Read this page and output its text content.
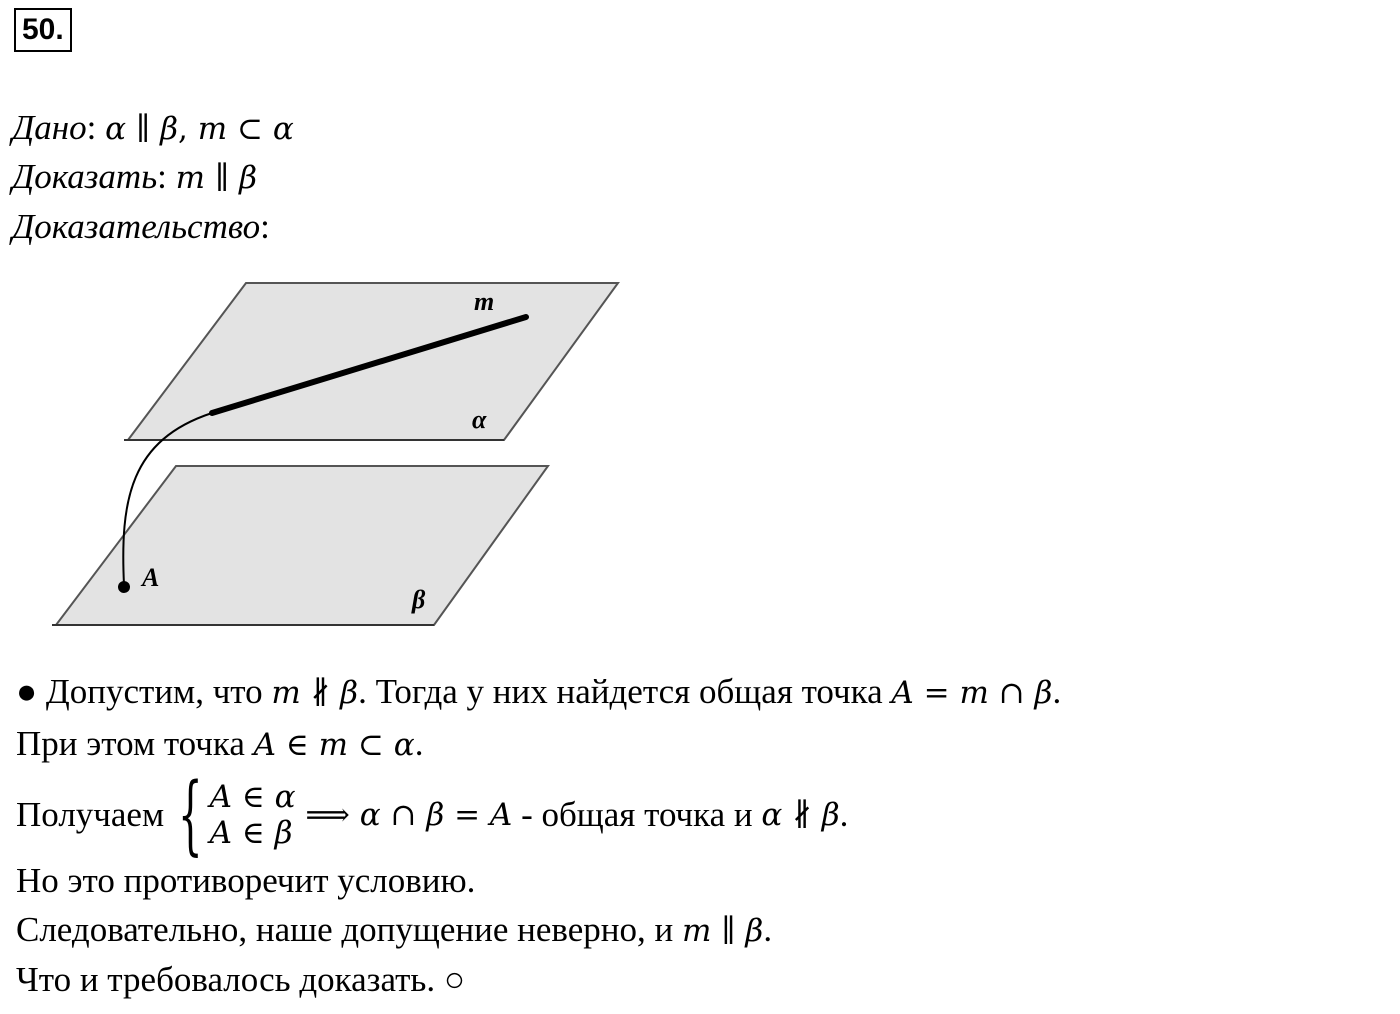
50.
Дано: α ∥ β, m ⊂ α
Доказать: m ∥ β
Доказательство:
m
α
A
β
● Допустим, что m ∦ β. Тогда у них найдется общая точка A = m ∩ β.
При этом точка A ∈ m ⊂ α.
Получаем { A ∈ α
A ∈ β ⟹ α ∩ β = A - общая точка и α ∦ β.
Но это противоречит условию.
Следовательно, наше допущение неверно, и m ∥ β.
Что и требовалось доказать. ○
